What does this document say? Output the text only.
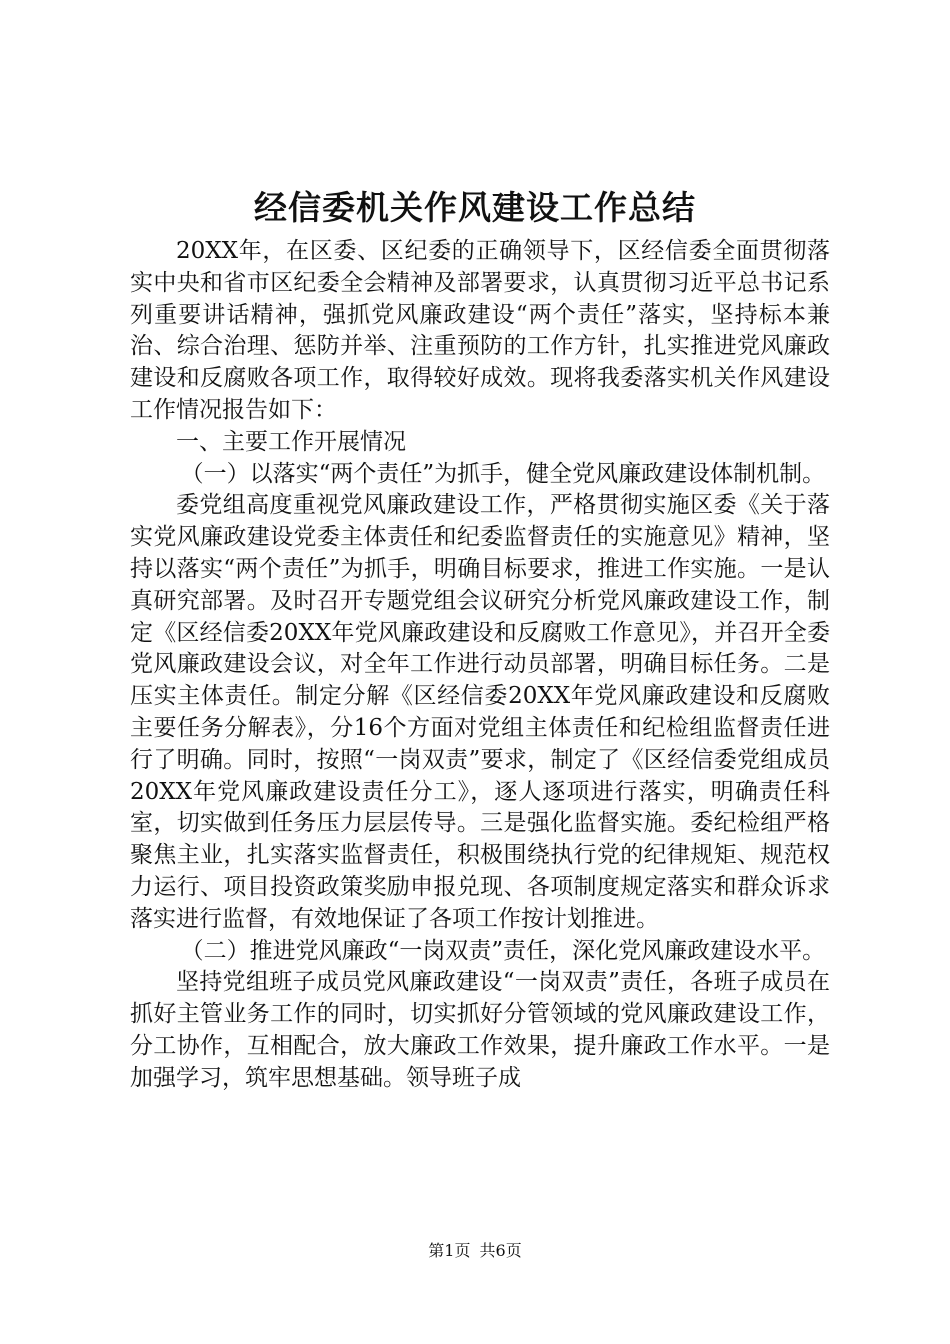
经信委机关作风建设工作总结

20XX年，在区委、区纪委的正确领导下，区经信委全面贯彻落实中央和省市区纪委全会精神及部署要求，认真贯彻习近平总书记系列重要讲话精神，强抓党风廉政建设“两个责任”落实，坚持标本兼治、综合治理、惩防并举、注重预防的工作方针，扎实推进党风廉政建设和反腐败各项工作，取得较好成效。现将我委落实机关作风建设工作情况报告如下：

一、主要工作开展情况

（一）以落实“两个责任”为抓手，健全党风廉政建设体制机制。

委党组高度重视党风廉政建设工作，严格贯彻实施区委《关于落实党风廉政建设党委主体责任和纪委监督责任的实施意见》精神，坚持以落实“两个责任”为抓手，明确目标要求，推进工作实施。一是认真研究部署。及时召开专题党组会议研究分析党风廉政建设工作，制定《区经信委20XX年党风廉政建设和反腐败工作意见》，并召开全委党风廉政建设会议，对全年工作进行动员部署，明确目标任务。二是压实主体责任。制定分解《区经信委20XX年党风廉政建设和反腐败主要任务分解表》，分16个方面对党组主体责任和纪检组监督责任进行了明确。同时，按照“一岗双责”要求，制定了《区经信委党组成员20XX年党风廉政建设责任分工》，逐人逐项进行落实，明确责任科室，切实做到任务压力层层传导。三是强化监督实施。委纪检组严格聚焦主业，扎实落实监督责任，积极围绕执行党的纪律规矩、规范权力运行、项目投资政策奖励申报兑现、各项制度规定落实和群众诉求落实进行监督，有效地保证了各项工作按计划推进。

（二）推进党风廉政“一岗双责”责任，深化党风廉政建设水平。

坚持党组班子成员党风廉政建设“一岗双责”责任，各班子成员在抓好主管业务工作的同时，切实抓好分管领域的党风廉政建设工作，分工协作，互相配合，放大廉政工作效果，提升廉政工作水平。一是加强学习，筑牢思想基础。领导班子成

第1页 共6页
